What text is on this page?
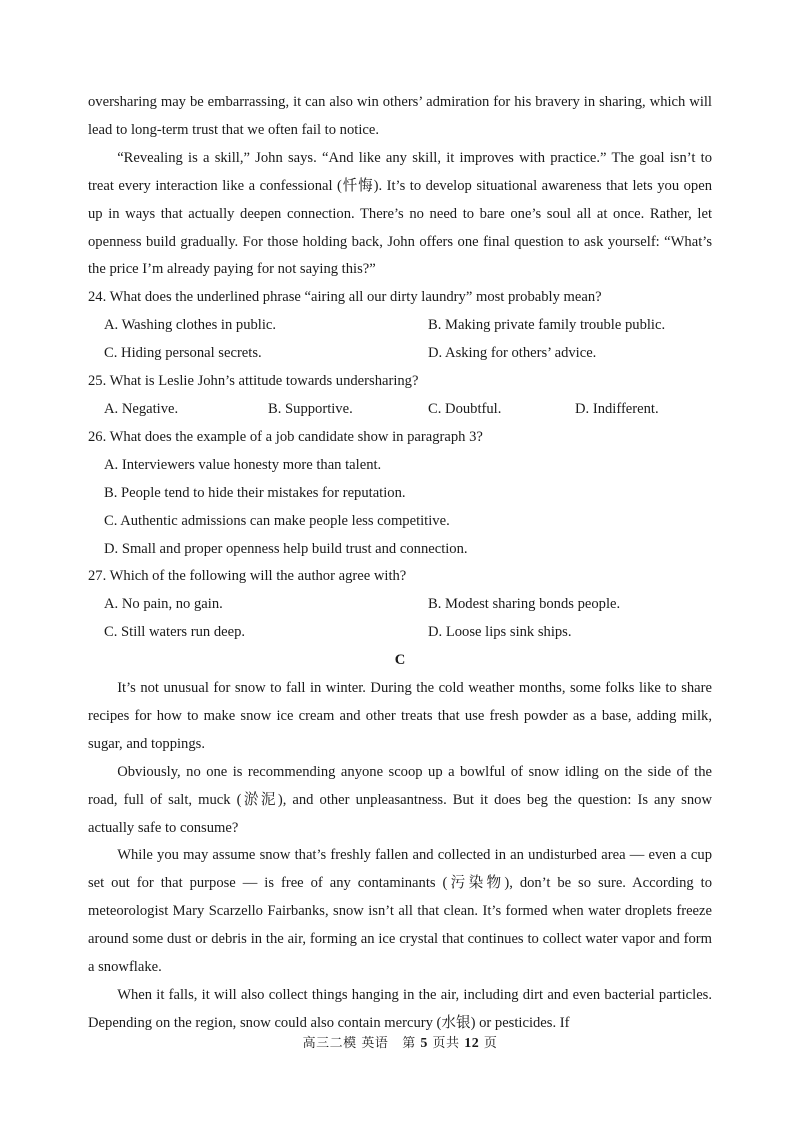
oversharing may be embarrassing, it can also win others’ admiration for his bravery in sharing, which will lead to long-term trust that we often fail to notice.

“Revealing is a skill,” John says. “And like any skill, it improves with practice.” The goal isn’t to treat every interaction like a confessional (忏悔). It’s to develop situational awareness that lets you open up in ways that actually deepen connection. There’s no need to bare one’s soul all at once. Rather, let openness build gradually. For those holding back, John offers one final question to ask yourself: “What’s the price I’m already paying for not saying this?”

24. What does the underlined phrase “airing all our dirty laundry” most probably mean?

A. Washing clothes in public.	B. Making private family trouble public.
C. Hiding personal secrets.	D. Asking for others’ advice.

25. What is Leslie John’s attitude towards undersharing?

A. Negative.	B. Supportive.	C. Doubtful.	D. Indifferent.

26. What does the example of a job candidate show in paragraph 3?

A. Interviewers value honesty more than talent.
B. People tend to hide their mistakes for reputation.
C. Authentic admissions can make people less competitive.
D. Small and proper openness help build trust and connection.

27. Which of the following will the author agree with?

A. No pain, no gain.	B. Modest sharing bonds people.
C. Still waters run deep.	D. Loose lips sink ships.

C

It’s not unusual for snow to fall in winter. During the cold weather months, some folks like to share recipes for how to make snow ice cream and other treats that use fresh powder as a base, adding milk, sugar, and toppings.

Obviously, no one is recommending anyone scoop up a bowlful of snow idling on the side of the road, full of salt, muck (淤泥), and other unpleasantness. But it does beg the question: Is any snow actually safe to consume?

While you may assume snow that’s freshly fallen and collected in an undisturbed area — even a cup set out for that purpose — is free of any contaminants (污染物), don’t be so sure. According to meteorologist Mary Scarzello Fairbanks, snow isn’t all that clean. It’s formed when water droplets freeze around some dust or debris in the air, forming an ice crystal that continues to collect water vapor and form a snowflake.

When it falls, it will also collect things hanging in the air, including dirt and even bacterial particles. Depending on the region, snow could also contain mercury (水银) or pesticides. If

高三二模 英语 第 5 页共 12 页
